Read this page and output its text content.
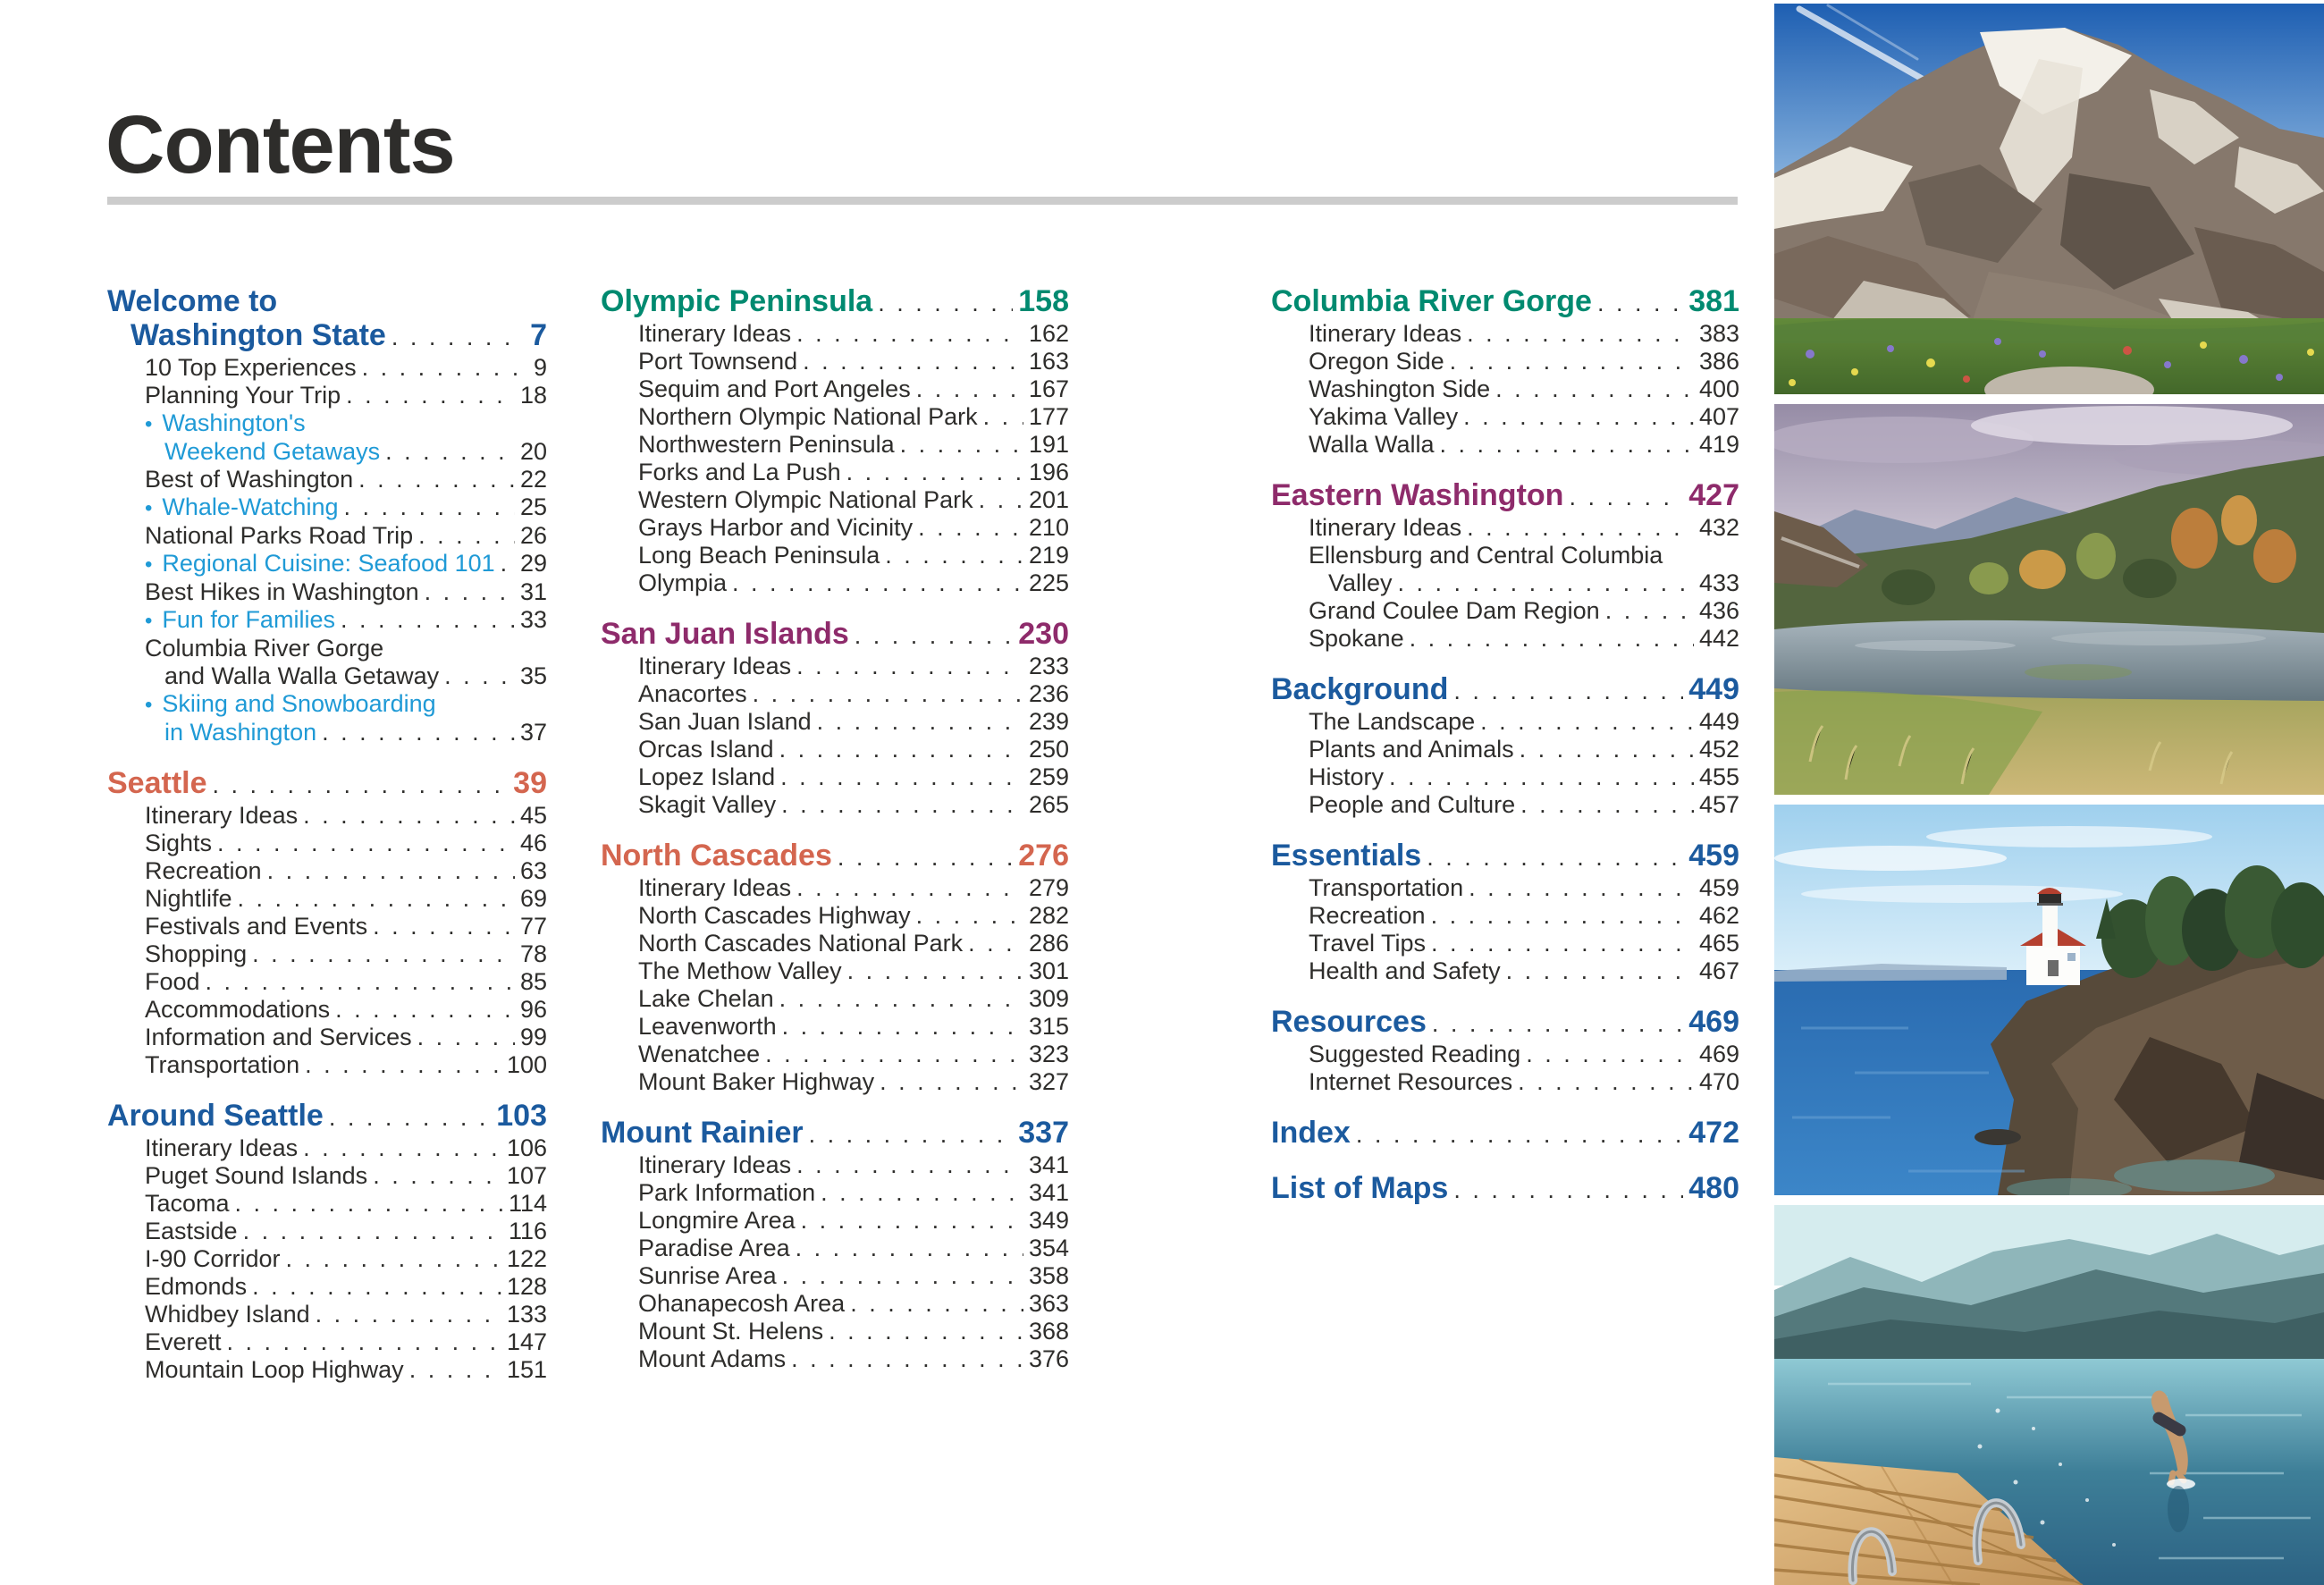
Contents
Welcome to
Washington State . . .	7
10 Top Experiences . . .	9
Planning Your Trip . . .	18
• Washington's
Weekend Getaways . . .	20
Best of Washington . . .	22
• Whale-Watching . . .	25
National Parks Road Trip . . .	26
• Regional Cuisine: Seafood 101 . . . 29
Best Hikes in Washington . . .	31
• Fun for Families . . .	33
Columbia River Gorge
and Walla Walla Getaway . . .	35
• Skiing and Snowboarding
in Washington . . .	37
Seattle . . .	39
Itinerary Ideas . . .	45
Sights . . .	46
Recreation . . .	63
Nightlife . . .	69
Festivals and Events . . .	77
Shopping . . .	78
Food . . .	85
Accommodations . . .	96
Information and Services . . .	99
Transportation . . .	100
Around Seattle . . .	103
Itinerary Ideas . . .	106
Puget Sound Islands . . .	107
Tacoma . . .	114
Eastside . . .	116
I-90 Corridor . . .	122
Edmonds . . .	128
Whidbey Island . . .	133
Everett . . .	147
Mountain Loop Highway . . .	151
Olympic Peninsula . . .	158
Itinerary Ideas . . .	162
Port Townsend . . .	163
Sequim and Port Angeles . . .	167
Northern Olympic National Park . . . 177
Northwestern Peninsula . . .	191
Forks and La Push . . .	196
Western Olympic National Park . . . 201
Grays Harbor and Vicinity . . .	210
Long Beach Peninsula . . .	219
Olympia . . .	225
San Juan Islands . . .	230
Itinerary Ideas . . .	233
Anacortes . . .	236
San Juan Island . . .	239
Orcas Island . . .	250
Lopez Island . . .	259
Skagit Valley . . .	265
North Cascades . . .	276
Itinerary Ideas . . .	279
North Cascades Highway . . .	282
North Cascades National Park . . .	286
The Methow Valley . . .	301
Lake Chelan . . .	309
Leavenworth . . .	315
Wenatchee . . .	323
Mount Baker Highway . . .	327
Mount Rainier . . .	337
Itinerary Ideas . . .	341
Park Information . . .	341
Longmire Area . . .	349
Paradise Area . . .	354
Sunrise Area . . .	358
Ohanapecosh Area . . .	363
Mount St. Helens . . .	368
Mount Adams . . .	376
Columbia River Gorge . . .	381
Itinerary Ideas . . .	383
Oregon Side . . .	386
Washington Side . . .	400
Yakima Valley . . .	407
Walla Walla . . .	419
Eastern Washington . . .	427
Itinerary Ideas . . .	432
Ellensburg and Central Columbia
Valley . . .	433
Grand Coulee Dam Region . . .	436
Spokane . . .	442
Background . . .	449
The Landscape . . .	449
Plants and Animals . . .	452
History . . .	455
People and Culture . . .	457
Essentials . . .	459
Transportation . . .	459
Recreation . . .	462
Travel Tips . . .	465
Health and Safety . . .	467
Resources . . .	469
Suggested Reading . . .	469
Internet Resources . . .	470
Index . . .	472
List of Maps . . .	480
